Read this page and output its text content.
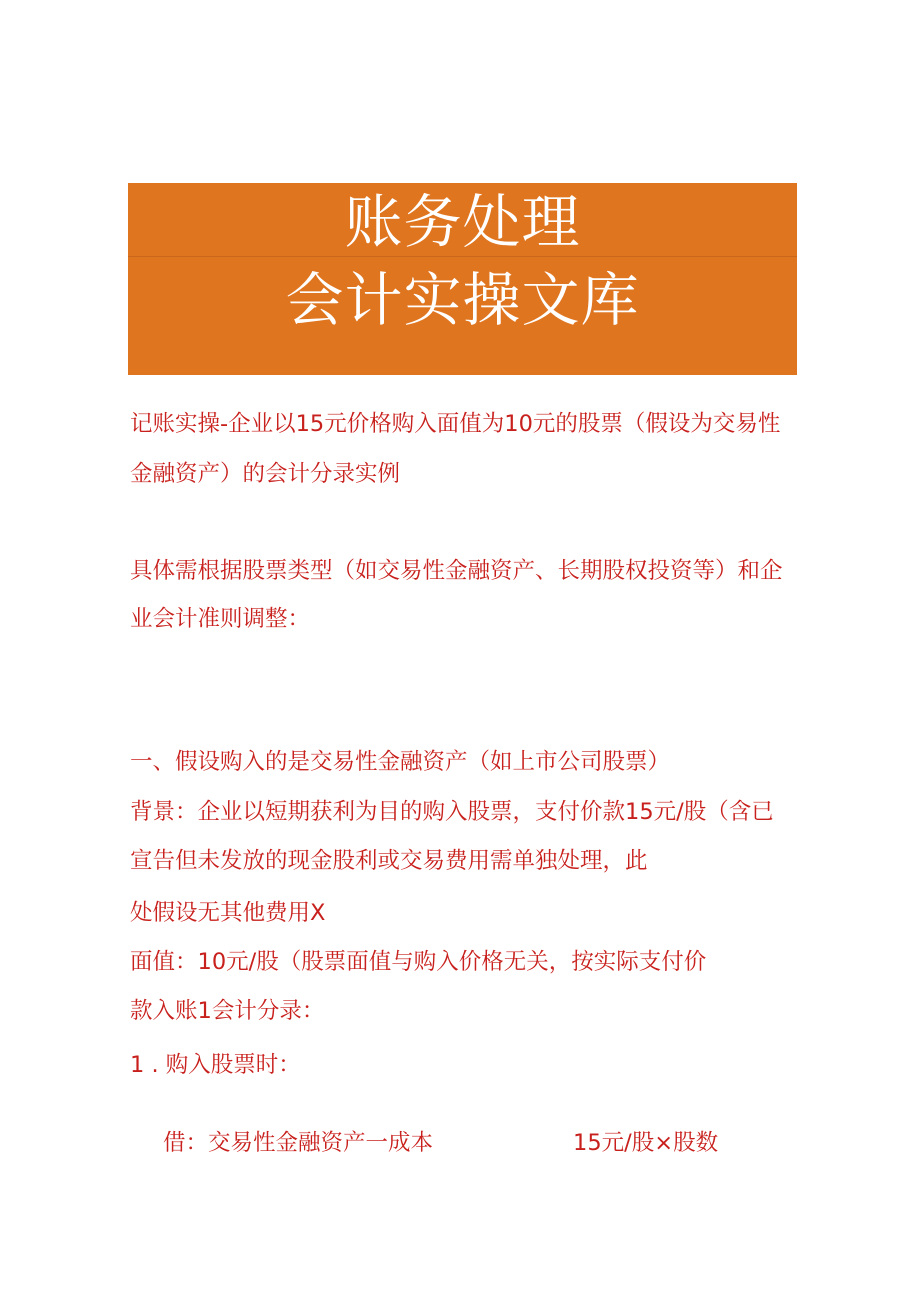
账务处理
会计实操文库
记账实操-企业以15元价格购入面值为10元的股票（假设为交易性
金融资产）的会计分录实例
具体需根据股票类型（如交易性金融资产、长期股权投资等）和企
业会计准则调整：
一、假设购入的是交易性金融资产（如上市公司股票）
背景：企业以短期获利为目的购入股票，支付价款15元/股（含已
宣告但未发放的现金股利或交易费用需单独处理，此
处假设无其他费用X
面值：10元/股（股票面值与购入价格无关，按实际支付价
款入账1会计分录：
1 . 购入股票时：
借：交易性金融资产一成本	15元/股×股数
